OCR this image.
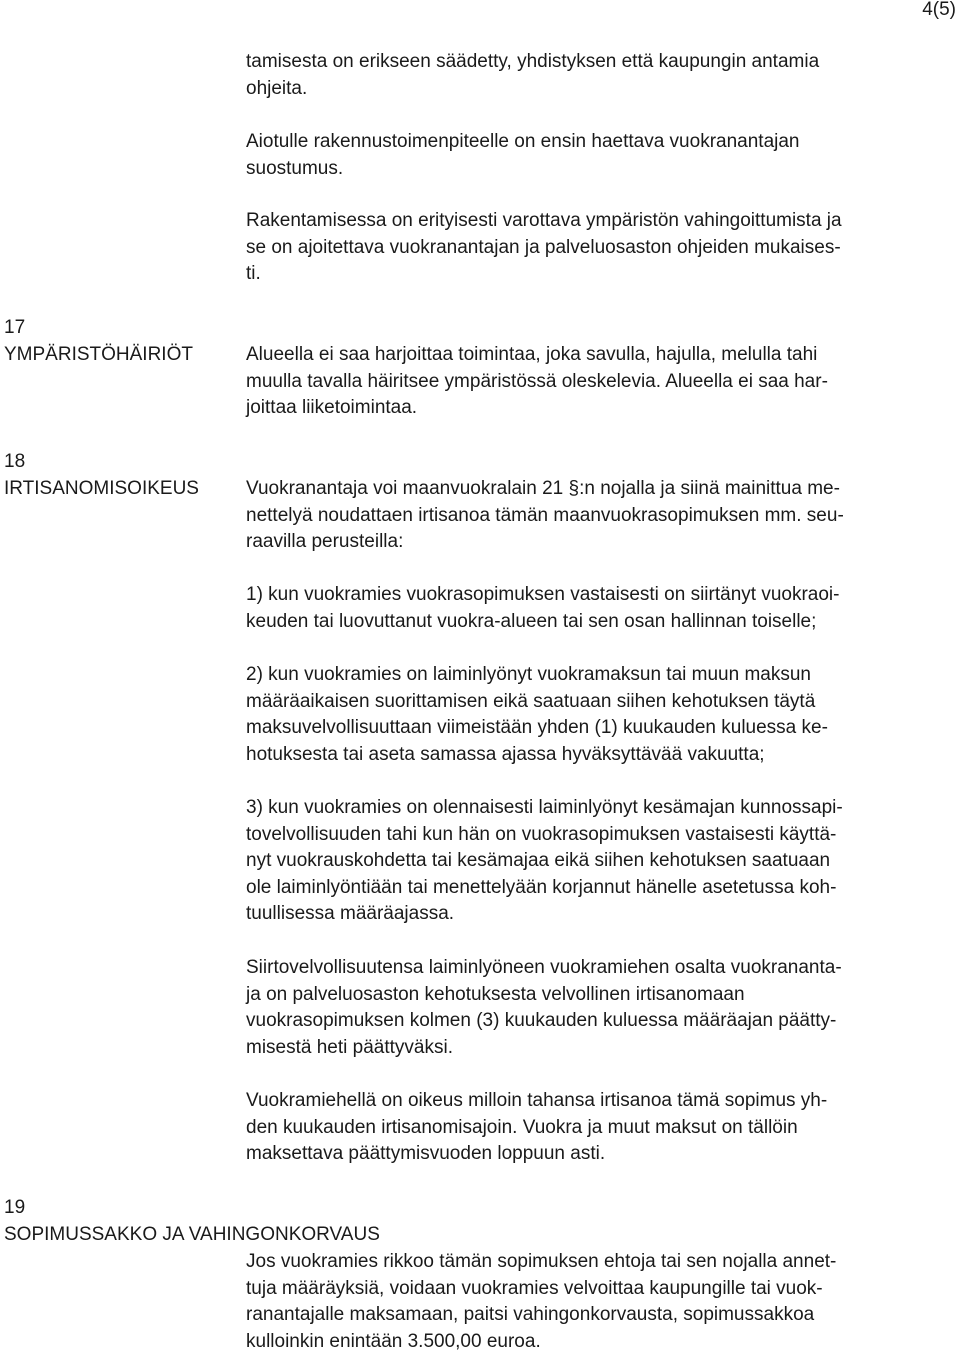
4(5)
tamisesta on erikseen säädetty, yhdistyksen että kaupungin antamia
ohjeita.
Aiotulle rakennustoimenpiteelle on ensin haettava vuokranantajan
suostumus.
Rakentamisessa on erityisesti varottava ympäristön vahingoittumista ja
se on ajoitettava vuokranantajan ja palveluosaston ohjeiden mukaises-
ti.
17
YMPÄRISTÖHÄIRIÖT	Alueella ei saa harjoittaa toimintaa, joka savulla, hajulla, melulla tahi
muulla tavalla häiritsee ympäristössä oleskelevia. Alueella ei saa har-
joittaa liiketoimintaa.
18
IRTISANOMISOIKEUS Vuokranantaja voi maanvuokralain 21 §:n nojalla ja siinä mainittua me-
nettelyä noudattaen irtisanoa tämän maanvuokrasopimuksen mm. seu-
raavilla perusteilla:
1) kun vuokramies vuokrasopimuksen vastaisesti on siirtänyt vuokraoi-
keuden tai luovuttanut vuokra-alueen tai sen osan hallinnan toiselle;
2) kun vuokramies on laiminlyönyt vuokramaksun tai muun maksun
määräaikaisen suorittamisen eikä saatuaan siihen kehotuksen täytä
maksuvelvollisuuttaan viimeistään yhden (1) kuukauden kuluessa ke-
hotuksesta tai aseta samassa ajassa hyväksyttävää vakuutta;
3) kun vuokramies on olennaisesti laiminlyönyt kesämajan kunnossapi-
tovelvollisuuden tahi kun hän on vuokrasopimuksen vastaisesti käyttä-
nyt vuokrauskohdetta tai kesämajaa eikä siihen kehotuksen saatuaan
ole laiminlyöntiään tai menettelyään korjannut hänelle asetetussa koh-
tuullisessa määräajassa.
Siirtovelvollisuutensa laiminlyöneen vuokramiehen osalta vuokrananta-
ja on palveluosaston kehotuksesta velvollinen irtisanomaan
vuokrasopimuksen kolmen (3) kuukauden kuluessa määräajan päätty-
misestä heti päättyväksi.
Vuokramiehellä on oikeus milloin tahansa irtisanoa tämä sopimus yh-
den kuukauden irtisanomisajoin. Vuokra ja muut maksut on tällöin
maksettava päättymisvuoden loppuun asti.
19
SOPIMUSSAKKO JA VAHINGONKORVAUS
Jos vuokramies rikkoo tämän sopimuksen ehtoja tai sen nojalla annet-
tuja määräyksiä, voidaan vuokramies velvoittaa kaupungille tai vuok-
ranantajalle maksamaan, paitsi vahingonkorvausta, sopimussakkoa
kulloinkin enintään 3.500,00 euroa.
